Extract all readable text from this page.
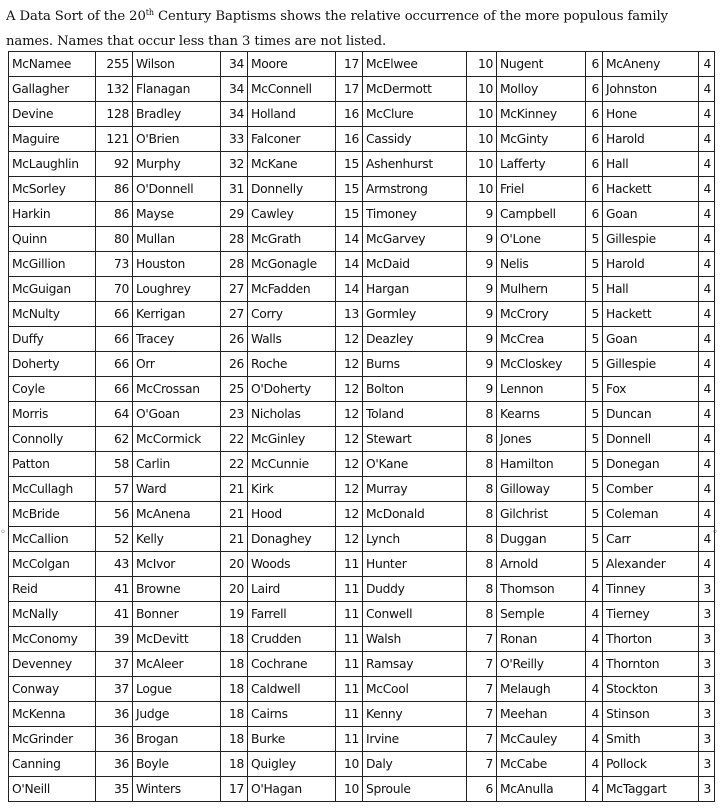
A Data Sort of the 20th Century Baptisms shows the relative occurrence of the more populous family names. Names that occur less than 3 times are not listed.
McNamee	255	Wilson	34	Moore	17	McElwee	10	Nugent	6	McAneny	4
Gallagher	132	Flanagan	34	McConnell	17	McDermott	10	Molloy	6	Johnston	4
Devine	128	Bradley	34	Holland	16	McClure	10	McKinney	6	Hone	4
Maguire	121	O'Brien	33	Falconer	16	Cassidy	10	McGinty	6	Harold	4
McLaughlin	92	Murphy	32	McKane	15	Ashenhurst	10	Lafferty	6	Hall	4
McSorley	86	O'Donnell	31	Donnelly	15	Armstrong	10	Friel	6	Hackett	4
Harkin	86	Mayse	29	Cawley	15	Timoney	9	Campbell	6	Goan	4
Quinn	80	Mullan	28	McGrath	14	McGarvey	9	O'Lone	5	Gillespie	4
McGillion	73	Houston	28	McGonagle	14	McDaid	9	Nelis	5	Harold	4
McGuigan	70	Loughrey	27	McFadden	14	Hargan	9	Mulhern	5	Hall	4
McNulty	66	Kerrigan	27	Corry	13	Gormley	9	McCrory	5	Hackett	4
Duffy	66	Tracey	26	Walls	12	Deazley	9	McCrea	5	Goan	4
Doherty	66	Orr	26	Roche	12	Burns	9	McCloskey	5	Gillespie	4
Coyle	66	McCrossan	25	O'Doherty	12	Bolton	9	Lennon	5	Fox	4
Morris	64	O'Goan	23	Nicholas	12	Toland	8	Kearns	5	Duncan	4
Connolly	62	McCormick	22	McGinley	12	Stewart	8	Jones	5	Donnell	4
Patton	58	Carlin	22	McCunnie	12	O'Kane	8	Hamilton	5	Donegan	4
McCullagh	57	Ward	21	Kirk	12	Murray	8	Gilloway	5	Comber	4
McBride	56	McAnena	21	Hood	12	McDonald	8	Gilchrist	5	Coleman	4
McCallion	52	Kelly	21	Donaghey	12	Lynch	8	Duggan	5	Carr	4
McColgan	43	McIvor	20	Woods	11	Hunter	8	Arnold	5	Alexander	4
Reid	41	Browne	20	Laird	11	Duddy	8	Thomson	4	Tinney	3
McNally	41	Bonner	19	Farrell	11	Conwell	8	Semple	4	Tierney	3
McConomy	39	McDevitt	18	Crudden	11	Walsh	7	Ronan	4	Thorton	3
Devenney	37	McAleer	18	Cochrane	11	Ramsay	7	O'Reilly	4	Thornton	3
Conway	37	Logue	18	Caldwell	11	McCool	7	Melaugh	4	Stockton	3
McKenna	36	Judge	18	Cairns	11	Kenny	7	Meehan	4	Stinson	3
McGrinder	36	Brogan	18	Burke	11	Irvine	7	McCauley	4	Smith	3
Canning	36	Boyle	18	Quigley	10	Daly	7	McCabe	4	Pollock	3
O'Neill	35	Winters	17	O'Hagan	10	Sproule	6	McAnulla	4	McTaggart	3
◦	◦
